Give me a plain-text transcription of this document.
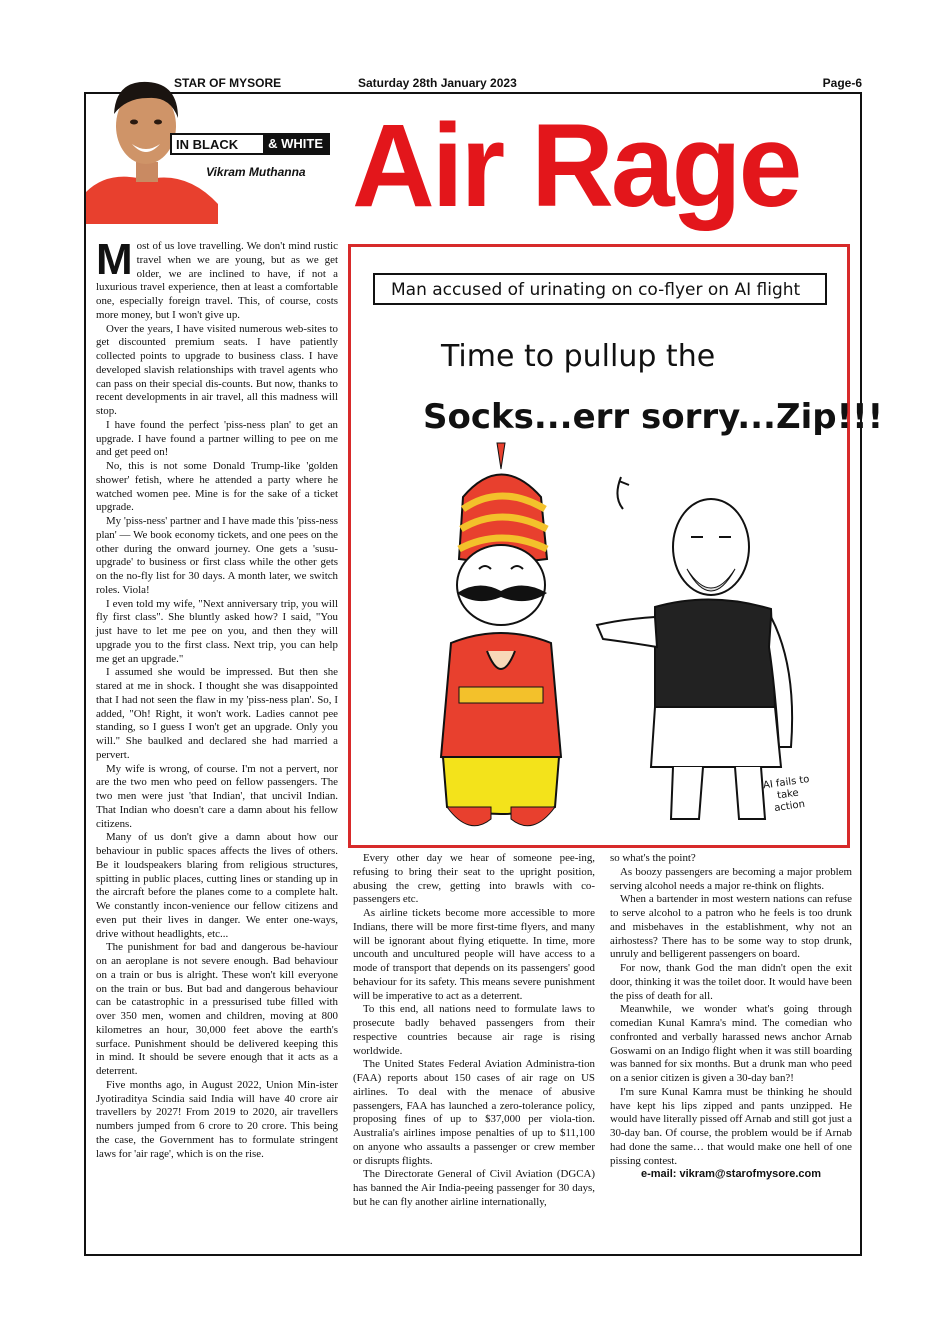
STAR OF MYSORE	Saturday 28th January 2023	Page-6
IN BLACK	& WHITE
Vikram Muthanna Air Rage

Most of us love travelling. We don't mind rustic travel when we are young, but as we get older, we are inclined to have, if not a luxurious travel experience, then at least a comfortable one, especially foreign travel. This, of course, costs more money, but I won't give up.

Over the years, I have visited numerous web-sites to get discounted premium seats. I have patiently collected points to upgrade to business class. I have developed slavish relationships with travel agents who can pass on their special dis-counts. But now, thanks to recent developments in air travel, all this madness will stop.

I have found the perfect 'piss-ness plan' to get an upgrade. I have found a partner willing to pee on me and get peed on!

No, this is not some Donald Trump-like 'golden shower' fetish, where he attended a party where he watched women pee. Mine is for the sake of a ticket upgrade.

My 'piss-ness' partner and I have made this 'piss-ness plan' — We book economy tickets, and one pees on the other during the onward journey. One gets a 'susu-upgrade' to business or first class while the other gets on the no-fly list for 30 days. A month later, we switch roles. Viola!

I even told my wife, "Next anniversary trip, you will fly first class". She bluntly asked how? I said, "You just have to let me pee on you, and then they will upgrade you to the first class. Next trip, you can help me get an upgrade."

I assumed she would be impressed. But then she stared at me in shock. I thought she was disappointed that I had not seen the flaw in my 'piss-ness plan'. So, I added, "Oh! Right, it won't work. Ladies cannot pee standing, so I guess I won't get an upgrade. Only you will." She baulked and declared she had married a pervert.

My wife is wrong, of course. I'm not a pervert, nor are the two men who peed on fellow passengers. The two men were just 'that Indian', that uncivil Indian. That Indian who doesn't care a damn about his fellow citizens.

Many of us don't give a damn about how our behaviour in public spaces affects the lives of others. Be it loudspeakers blaring from religious structures, spitting in public places, cutting lines or standing up in the aircraft before the planes come to a complete halt. We constantly incon-venience our fellow citizens and even put their lives in danger. We enter one-ways, drive without headlights, etc...

The punishment for bad and dangerous be-haviour on an aeroplane is not severe enough. Bad behaviour on a train or bus is alright. These won't kill everyone on the train or bus. But bad and dangerous behaviour can be catastrophic in a pressurised tube filled with over 350 men, women and children, moving at 800 kilometres an hour, 30,000 feet above the earth's surface. Punishment should be delivered keeping this in mind. It should be severe enough that it acts as a deterrent.

Five months ago, in August 2022, Union Min-ister Jyotiraditya Scindia said India will have 40 crore air travellers by 2027! From 2019 to 2020, air travellers numbers jumped from 6 crore to 20 crore. This being the case, the Government has to formulate stringent laws for 'air rage', which is on the rise.

Man accused of urinating on co-flyer on AI flight
Time to pullup the
Socks...err sorry...Zip!!!
AI fails to take action

Every other day we hear of someone pee-ing, refusing to bring their seat to the upright position, abusing the crew, getting into brawls with co-passengers etc.

As airline tickets become more accessible to more Indians, there will be more first-time flyers, and many will be ignorant about flying etiquette. In time, more uncouth and uncultured people will have access to a mode of transport that depends on its passengers' good behaviour for its safety. This means severe punishment will be imperative to act as a deterrent.

To this end, all nations need to formulate laws to prosecute badly behaved passengers from their respective countries because air rage is rising worldwide.

The United States Federal Aviation Administra-tion (FAA) reports about 150 cases of air rage on US airlines. To deal with the menace of abusive passengers, FAA has launched a zero-tolerance policy, proposing fines of up to $37,000 per viola-tion. Australia's airlines impose penalties of up to $11,100 on anyone who assaults a passenger or crew member or disrupts flights.

The Directorate General of Civil Aviation (DGCA) has banned the Air India-peeing passenger for 30 days, but he can fly another airline internationally,

so what's the point?

As boozy passengers are becoming a major problem serving alcohol needs a major re-think on flights.

When a bartender in most western nations can refuse to serve alcohol to a patron who he feels is too drunk and misbehaves in the establishment, why not an airhostess? There has to be some way to stop drunk, unruly and belligerent passengers on board.

For now, thank God the man didn't open the exit door, thinking it was the toilet door. It would have been the piss of death for all.

Meanwhile, we wonder what's going through comedian Kunal Kamra's mind. The comedian who confronted and verbally harassed news anchor Arnab Goswami on an Indigo flight when it was still boarding was banned for six months. But a drunk man who peed on a senior citizen is given a 30-day ban?!

I'm sure Kunal Kamra must be thinking he should have kept his lips zipped and pants unzipped. He would have literally pissed off Arnab and still got just a 30-day ban. Of course, the problem would be if Arnab had done the same… that would make one hell of one pissing contest.

e-mail: vikram@starofmysore.com
